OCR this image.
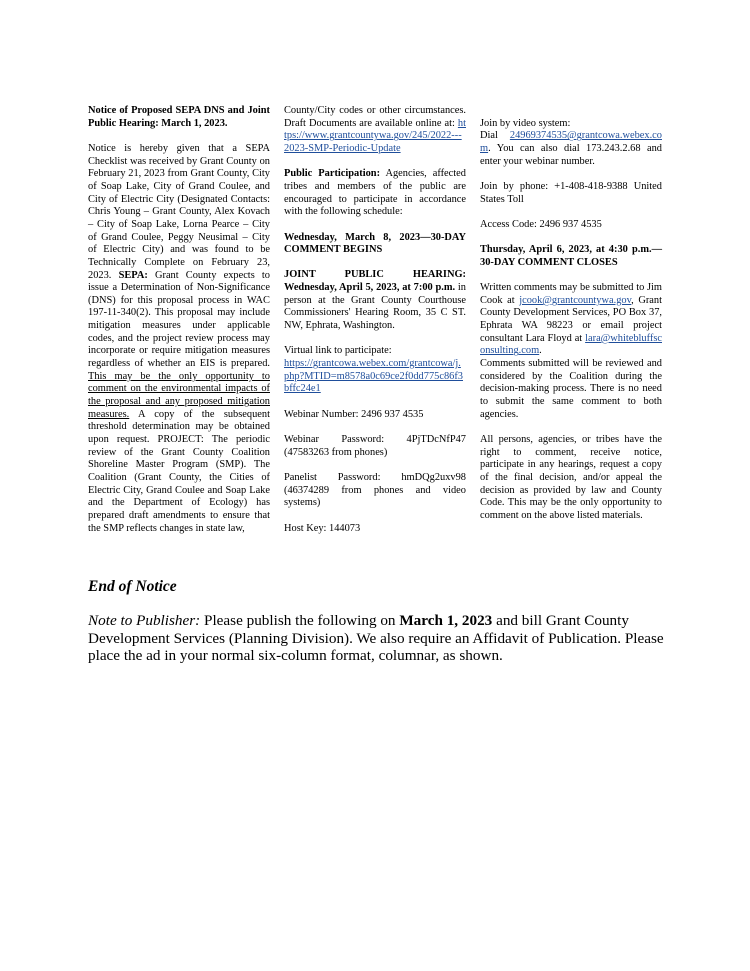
Notice of Proposed SEPA DNS and Joint Public Hearing: March 1, 2023.

Notice is hereby given that a SEPA Checklist was received by Grant County on February 21, 2023 from Grant County, City of Soap Lake, City of Grand Coulee, and City of Electric City (Designated Contacts: Chris Young – Grant County, Alex Kovach – City of Soap Lake, Lorna Pearce – City of Grand Coulee, Peggy Neusimal – City of Electric City) and was found to be Technically Complete on February 23, 2023. SEPA: Grant County expects to issue a Determination of Non-Significance (DNS) for this proposal process in WAC 197-11-340(2). This proposal may include mitigation measures under applicable codes, and the project review process may incorporate or require mitigation measures regardless of whether an EIS is prepared. This may be the only opportunity to comment on the environmental impacts of the proposal and any proposed mitigation measures. A copy of the subsequent threshold determination may be obtained upon request. PROJECT: The periodic review of the Grant County Coalition Shoreline Master Program (SMP). The Coalition (Grant County, the Cities of Electric City, Grand Coulee and Soap Lake and the Department of Ecology) has prepared draft amendments to ensure that the SMP reflects changes in state law,

County/City codes or other circumstances. Draft Documents are available online at: https://www.grantcountywa.gov/245/2022---2023-SMP-Periodic-Update

Public Participation: Agencies, affected tribes and members of the public are encouraged to participate in accordance with the following schedule:

Wednesday, March 8, 2023—30-DAY COMMENT BEGINS

JOINT PUBLIC HEARING: Wednesday, April 5, 2023, at 7:00 p.m. in person at the Grant County Courthouse Commissioners' Hearing Room, 35 C ST. NW, Ephrata, Washington.

Virtual link to participate:
https://grantcowa.webex.com/grantcowa/j.php?MTID=m8578a0c69ce2f0dd775c86f3bffc24e1

Webinar Number: 2496 937 4535

Webinar Password: 4PjTDcNfP47 (47583263 from phones)

Panelist Password: hmDQg2uxv98 (46374289 from phones and video systems)

Host Key: 144073

Join by video system:
Dial 24969374535@grantcowa.webex.com. You can also dial 173.243.2.68 and enter your webinar number.

Join by phone: +1-408-418-9388 United States Toll

Access Code: 2496 937 4535

Thursday, April 6, 2023, at 4:30 p.m.—30-DAY COMMENT CLOSES

Written comments may be submitted to Jim Cook at jcook@grantcountywa.gov, Grant County Development Services, PO Box 37, Ephrata WA 98223 or email project consultant Lara Floyd at lara@whitebluffsconsulting.com.

Comments submitted will be reviewed and considered by the Coalition during the decision-making process. There is no need to submit the same comment to both agencies.

All persons, agencies, or tribes have the right to comment, receive notice, participate in any hearings, request a copy of the final decision, and/or appeal the decision as provided by law and County Code. This may be the only opportunity to comment on the above listed materials.

End of Notice
Note to Publisher: Please publish the following on March 1, 2023 and bill Grant County Development Services (Planning Division). We also require an Affidavit of Publication. Please place the ad in your normal six-column format, columnar, as shown.
